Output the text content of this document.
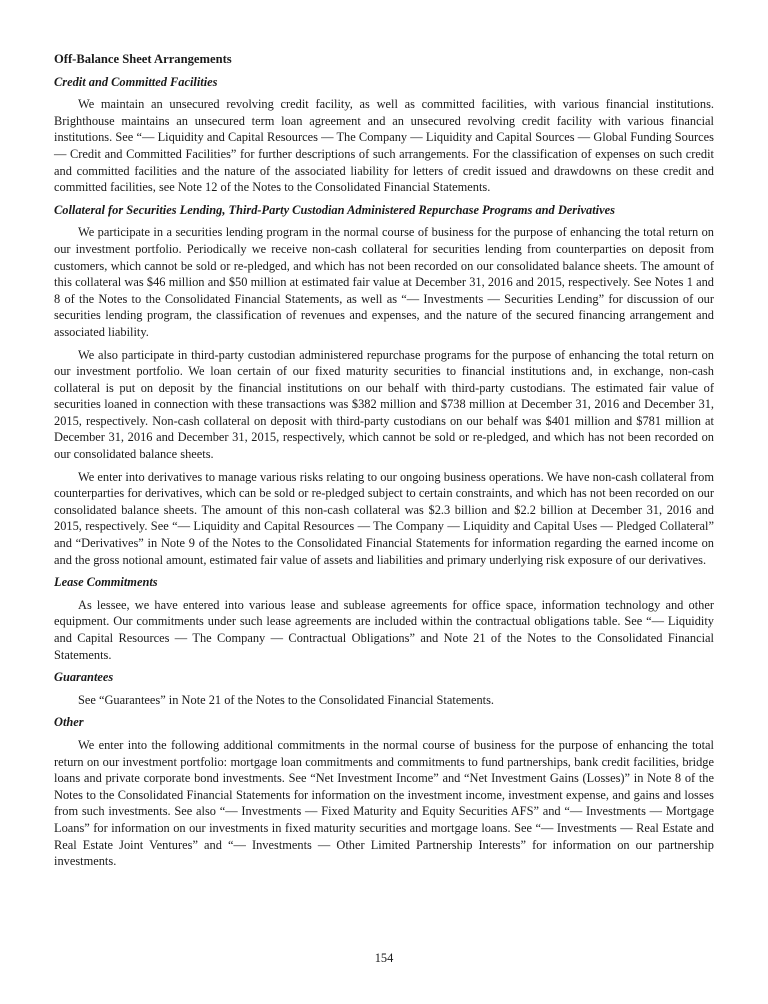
Off-Balance Sheet Arrangements
Credit and Committed Facilities

We maintain an unsecured revolving credit facility, as well as committed facilities, with various financial institutions. Brighthouse maintains an unsecured term loan agreement and an unsecured revolving credit facility with various financial institutions. See “— Liquidity and Capital Resources — The Company — Liquidity and Capital Sources — Global Funding Sources — Credit and Committed Facilities” for further descriptions of such arrangements. For the classification of expenses on such credit and committed facilities and the nature of the associated liability for letters of credit issued and drawdowns on these credit and committed facilities, see Note 12 of the Notes to the Consolidated Financial Statements.

Collateral for Securities Lending, Third-Party Custodian Administered Repurchase Programs and Derivatives

We participate in a securities lending program in the normal course of business for the purpose of enhancing the total return on our investment portfolio. Periodically we receive non-cash collateral for securities lending from counterparties on deposit from customers, which cannot be sold or re-pledged, and which has not been recorded on our consolidated balance sheets. The amount of this collateral was $46 million and $50 million at estimated fair value at December 31, 2016 and 2015, respectively. See Notes 1 and 8 of the Notes to the Consolidated Financial Statements, as well as “— Investments — Securities Lending” for discussion of our securities lending program, the classification of revenues and expenses, and the nature of the secured financing arrangement and associated liability.

We also participate in third-party custodian administered repurchase programs for the purpose of enhancing the total return on our investment portfolio. We loan certain of our fixed maturity securities to financial institutions and, in exchange, non-cash collateral is put on deposit by the financial institutions on our behalf with third-party custodians. The estimated fair value of securities loaned in connection with these transactions was $382 million and $738 million at December 31, 2016 and December 31, 2015, respectively. Non-cash collateral on deposit with third-party custodians on our behalf was $401 million and $781 million at December 31, 2016 and December 31, 2015, respectively, which cannot be sold or re-pledged, and which has not been recorded on our consolidated balance sheets.

We enter into derivatives to manage various risks relating to our ongoing business operations. We have non-cash collateral from counterparties for derivatives, which can be sold or re-pledged subject to certain constraints, and which has not been recorded on our consolidated balance sheets. The amount of this non-cash collateral was $2.3 billion and $2.2 billion at December 31, 2016 and 2015, respectively. See “— Liquidity and Capital Resources — The Company — Liquidity and Capital Uses — Pledged Collateral” and “Derivatives” in Note 9 of the Notes to the Consolidated Financial Statements for information regarding the earned income on and the gross notional amount, estimated fair value of assets and liabilities and primary underlying risk exposure of our derivatives.

Lease Commitments

As lessee, we have entered into various lease and sublease agreements for office space, information technology and other equipment. Our commitments under such lease agreements are included within the contractual obligations table. See “— Liquidity and Capital Resources — The Company — Contractual Obligations” and Note 21 of the Notes to the Consolidated Financial Statements.

Guarantees

See “Guarantees” in Note 21 of the Notes to the Consolidated Financial Statements.

Other

We enter into the following additional commitments in the normal course of business for the purpose of enhancing the total return on our investment portfolio: mortgage loan commitments and commitments to fund partnerships, bank credit facilities, bridge loans and private corporate bond investments. See “Net Investment Income” and “Net Investment Gains (Losses)” in Note 8 of the Notes to the Consolidated Financial Statements for information on the investment income, investment expense, and gains and losses from such investments. See also “— Investments — Fixed Maturity and Equity Securities AFS” and “— Investments — Mortgage Loans” for information on our investments in fixed maturity securities and mortgage loans. See “— Investments — Real Estate and Real Estate Joint Ventures” and “— Investments — Other Limited Partnership Interests” for information on our partnership investments.

154
